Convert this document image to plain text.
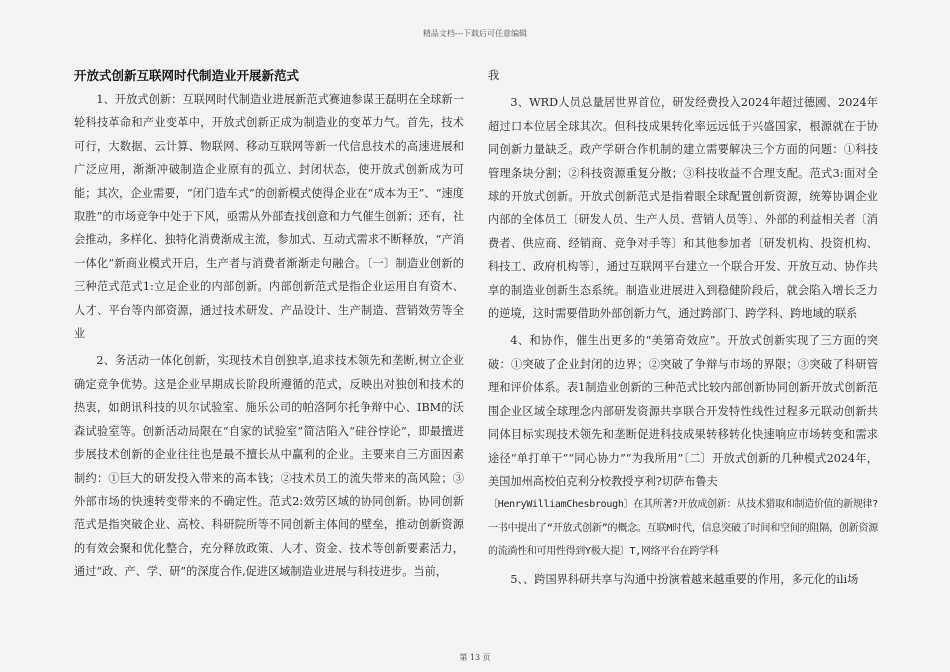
精品文档---下载后可任意编辑
开放式创新互联网时代制造业开展新范式

1、开放式创新：互联网时代制造业进展新范式赛迪参谋王磊明在全球新一轮科技革命和产业变革中，开放式创新正成为制造业的变革力气。首先，技术可行，大数据、云计算、物联网、移动互联网等新一代信息技术的高速进展和广泛应用，渐渐冲破制造企业原有的孤立、封闭状态，使开放式创新成为可能；其次，企业需要，“闭门造车式”的创新模式使得企业在“成本为王”、“速度取胜”的市场竞争中处于下风，亟需从外部查找创意和力气催生创新；还有，社会推动，多样化、独特化消费渐成主流，参加式、互动式需求不断释放，“产消一体化”新商业模式开启，生产者与消费者渐渐走句融合。〔一〕制造业创新的三种范式范式1:立足企业的内部创新。内部创新范式是指企业运用自有资木、人才、平台等内部资源，通过技术研发、产品设计、生产制造、营销效劳等全业

2、务活动一体化创新，实现技术自创独享,追求技术领先和垄断,树立企业确定竞争优势。这是企业早期成长阶段所遵循的范式，反映出对独创和技术的热衷，如朗讯科技的贝尔试验室、施乐公司的帕洛阿尔托争辩中心、IBM的沃森试验室等。创新活动局限在“自家的试验室”简洁陷入“硅谷悖论”，即最擅进步展技术创新的企业往往也是最不擅长从中赢利的企业。主要来自三方面因素制约：①巨大的研发投入带来的高本钱；②技术员工的流失带来的高风险；③外部市场的快速转变带来的不确定性。范式2:效劳区域的协同创新。协同创新范式是指突破企业、高校、科研院所等不同创新主体间的壁垒，推动创新资源的有效会聚和优化整合，充分释放政策、人才、资金、技术等创新要素活力，通过“政、产、学、研”的深度合作,促进区域制造业进展与科技进步。当前，

我

3、WRD人员总量居世界首位，研发经费投入2024年超过德國、2024年超过口本位居全球其次。但科技成果转化率远远低于兴盛国家，根源就在于协同创新力量缺乏。政产学研合作机制的建立需要解决三个方面的问题：①科技管理条块分割；②科技资源重复分散；③科技收益不合理支配。范式3:面对全球的开放式创新。开放式创新范式是指着眼全球配置创新资源，统筹协调企业内部的全体员工〔研发人员、生产人员、营销人员等〕、外部的利益相关者〔消费者、供应商、经销商、竞争对手等〕和其他参加者〔研发机构、投资机构、科技工、政府机构等〕，通过互联网平台建立一个联合开发、开放互动、协作共享的制造业创新生态系统。制造业进展进入到稳健阶段后，就会陷入增长乏力的逆境，这时需要借助外部创新力气，通过跨部门、跨学科、跨地域的联系

4、和协作，催生出更多的“美第奇效应”。开放式创新实现了三方面的突破：①突破了企业封闭的边界；②突破了争辩与市场的界限；③突破了科研管理和评价体系。表1制造业创新的三种范式比较内部创新协同创新开放式创新范围企业区域全球理念内部研发资源共享联合开发特性线性过程多元联动创新共同体目标实现技术领先和垄断促进科技成果转移转化快速响应市场转变和需求途径“单打单干”“同心协力”“为我所用”〔二〕开放式创新的几种模式2024年，美国加州高校伯克利分校教授亨利?切萨布鲁夫

〔HenryWilliamChesbrough〕在其所著?开放成创新：从技术猎取和制造价值的新规律?一书中提出了“开放式创新”的概念。互联M时代，信息突破了时间和空间的阻隔，创新资源的流淌性和可用性得到Y极大提〕T,网络平台在跨学科

5、、跨国界科研共享与沟通中扮演着越来越重要的作用，多元化的ili场

第 13 页
